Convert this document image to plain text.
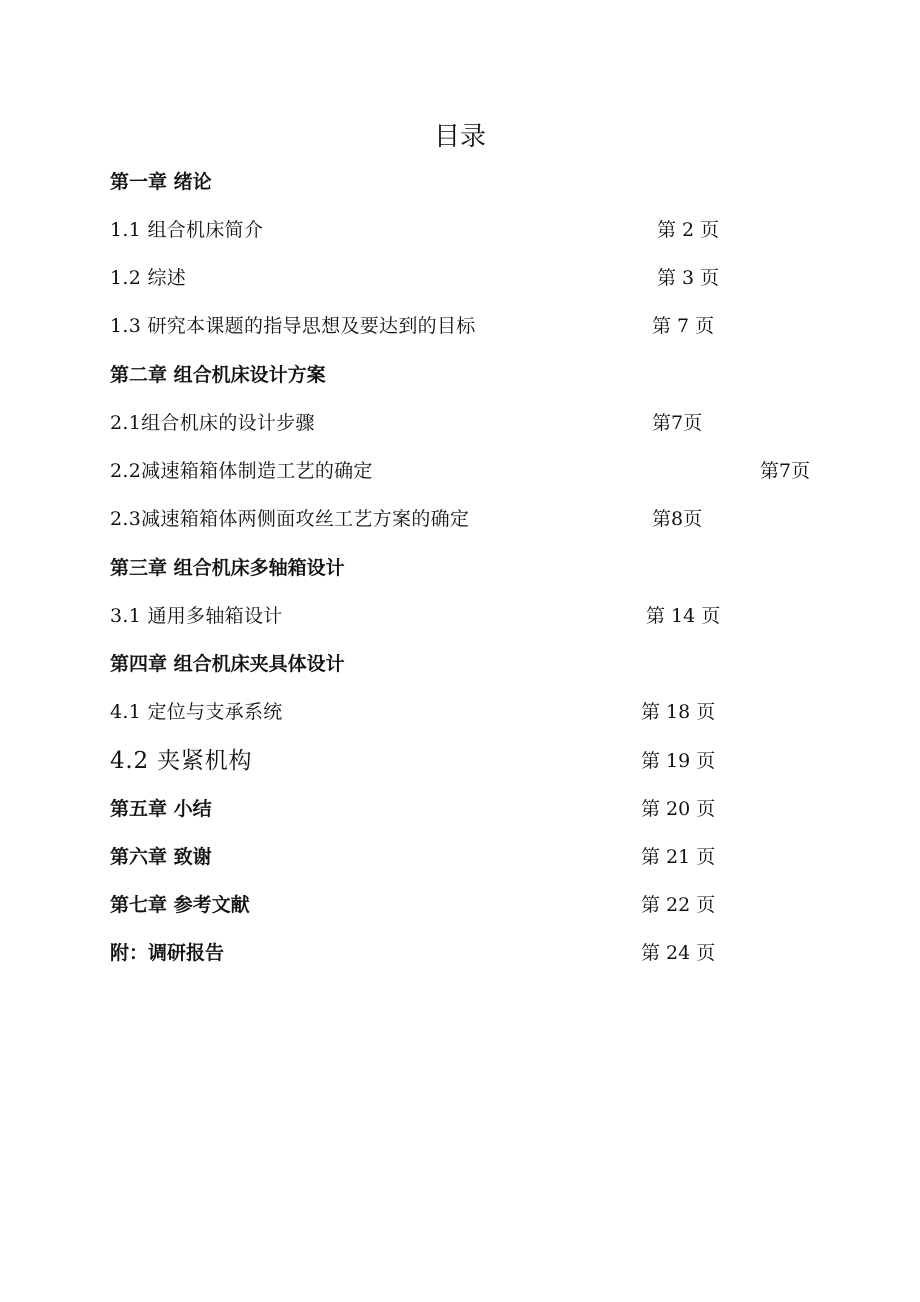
目录
第一章 绪论
1.1 组合机床简介	第 2 页
1.2 综述	第 3 页
1.3 研究本课题的指导思想及要达到的目标	第 7 页
第二章 组合机床设计方案
2.1组合机床的设计步骤	第7页
2.2减速箱箱体制造工艺的确定	第7页
2.3减速箱箱体两侧面攻丝工艺方案的确定	第8页
第三章 组合机床多轴箱设计
3.1 通用多轴箱设计	第 14 页
第四章 组合机床夹具体设计
4.1 定位与支承系统	第 18 页
4.2 夹紧机构	第 19 页
第五章 小结	第 20 页
第六章 致谢	第 21 页
第七章 参考文献	第 22 页
附：调研报告	第 24 页
